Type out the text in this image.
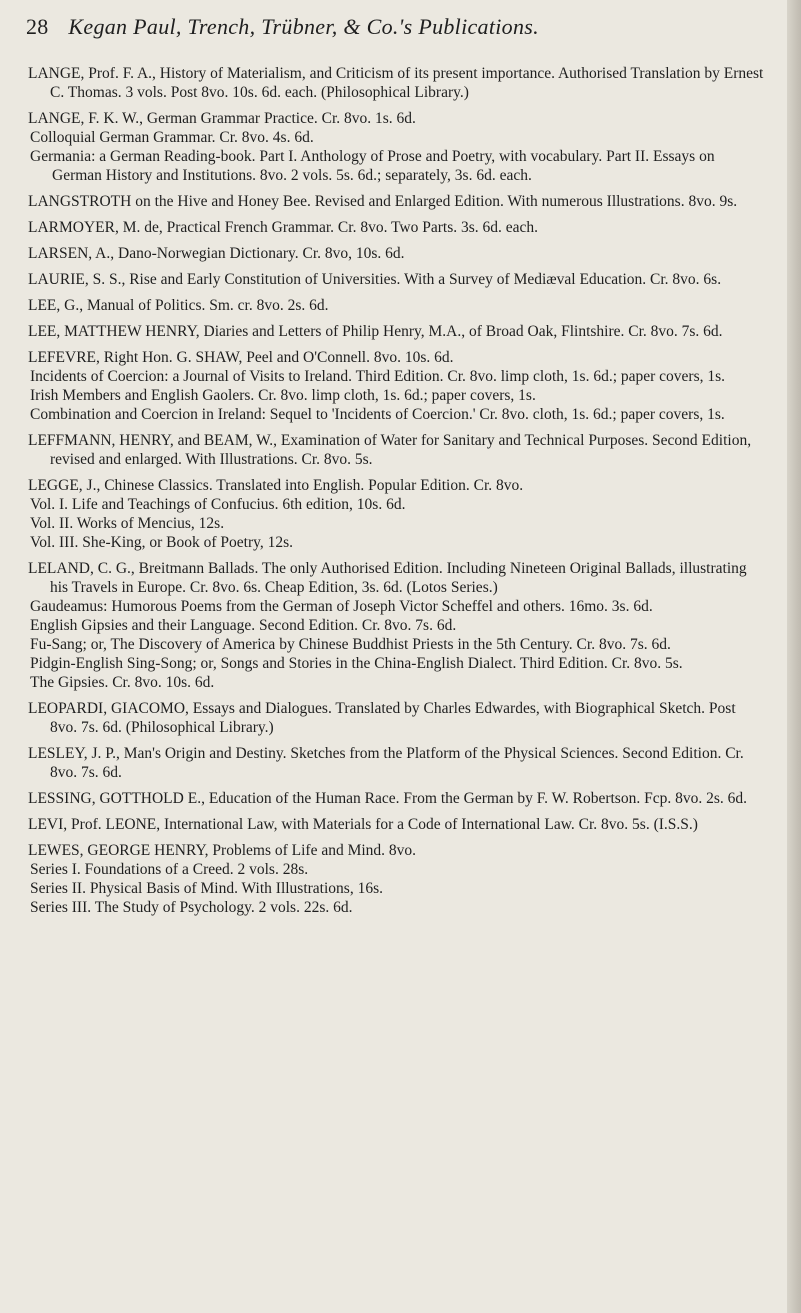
28 Kegan Paul, Trench, Trübner, & Co.'s Publications.
LANGE, Prof. F. A., History of Materialism, and Criticism of its present importance. Authorised Translation by Ernest C. Thomas. 3 vols. Post 8vo. 10s. 6d. each. (Philosophical Library.)
LANGE, F. K. W., German Grammar Practice. Cr. 8vo. 1s. 6d.
Colloquial German Grammar. Cr. 8vo. 4s. 6d.
Germania: a German Reading-book. Part I. Anthology of Prose and Poetry, with vocabulary. Part II. Essays on German History and Institutions. 8vo. 2 vols. 5s. 6d.; separately, 3s. 6d. each.
LANGSTROTH on the Hive and Honey Bee. Revised and Enlarged Edition. With numerous Illustrations. 8vo. 9s.
LARMOYER, M. de, Practical French Grammar. Cr. 8vo. Two Parts. 3s. 6d. each.
LARSEN, A., Dano-Norwegian Dictionary. Cr. 8vo, 10s. 6d.
LAURIE, S. S., Rise and Early Constitution of Universities. With a Survey of Mediæval Education. Cr. 8vo. 6s.
LEE, G., Manual of Politics. Sm. cr. 8vo. 2s. 6d.
LEE, MATTHEW HENRY, Diaries and Letters of Philip Henry, M.A., of Broad Oak, Flintshire. Cr. 8vo. 7s. 6d.
LEFEVRE, Right Hon. G. SHAW, Peel and O'Connell. 8vo. 10s. 6d.
Incidents of Coercion: a Journal of Visits to Ireland. Third Edition. Cr. 8vo. limp cloth, 1s. 6d.; paper covers, 1s.
Irish Members and English Gaolers. Cr. 8vo. limp cloth, 1s. 6d.; paper covers, 1s.
Combination and Coercion in Ireland: Sequel to 'Incidents of Coercion.' Cr. 8vo. cloth, 1s. 6d.; paper covers, 1s.
LEFFMANN, HENRY, and BEAM, W., Examination of Water for Sanitary and Technical Purposes. Second Edition, revised and enlarged. With Illustrations. Cr. 8vo. 5s.
LEGGE, J., Chinese Classics. Translated into English. Popular Edition. Cr. 8vo.
Vol. I. Life and Teachings of Confucius. 6th edition, 10s. 6d.
Vol. II. Works of Mencius, 12s.
Vol. III. She-King, or Book of Poetry, 12s.
LELAND, C. G., Breitmann Ballads. The only Authorised Edition. Including Nineteen Original Ballads, illustrating his Travels in Europe. Cr. 8vo. 6s. Cheap Edition, 3s. 6d. (Lotos Series.)
Gaudeamus: Humorous Poems from the German of Joseph Victor Scheffel and others. 16mo. 3s. 6d.
English Gipsies and their Language. Second Edition. Cr. 8vo. 7s. 6d.
Fu-Sang; or, The Discovery of America by Chinese Buddhist Priests in the 5th Century. Cr. 8vo. 7s. 6d.
Pidgin-English Sing-Song; or, Songs and Stories in the China-English Dialect. Third Edition. Cr. 8vo. 5s.
The Gipsies. Cr. 8vo. 10s. 6d.
LEOPARDI, GIACOMO, Essays and Dialogues. Translated by Charles Edwardes, with Biographical Sketch. Post 8vo. 7s. 6d. (Philosophical Library.)
LESLEY, J. P., Man's Origin and Destiny. Sketches from the Platform of the Physical Sciences. Second Edition. Cr. 8vo. 7s. 6d.
LESSING, GOTTHOLD E., Education of the Human Race. From the German by F. W. Robertson. Fcp. 8vo. 2s. 6d.
LEVI, Prof. LEONE, International Law, with Materials for a Code of International Law. Cr. 8vo. 5s. (I.S.S.)
LEWES, GEORGE HENRY, Problems of Life and Mind. 8vo.
Series I. Foundations of a Creed. 2 vols. 28s.
Series II. Physical Basis of Mind. With Illustrations, 16s.
Series III. The Study of Psychology. 2 vols. 22s. 6d.
